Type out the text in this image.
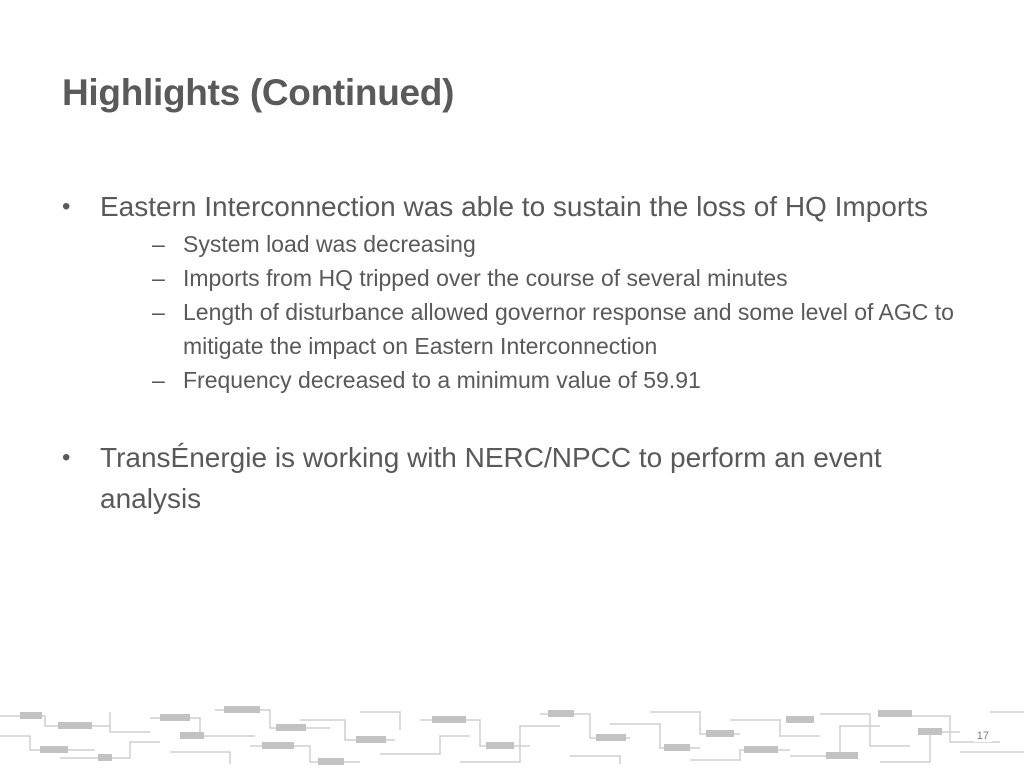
Highlights (Continued)
• Eastern Interconnection was able to sustain the loss of HQ Imports
– System load was decreasing
– Imports from HQ tripped over the course of several minutes
– Length of disturbance allowed governor response and some level of AGC to mitigate the impact on Eastern Interconnection
– Frequency decreased to a minimum value of 59.91
• TransÉnergie is working with NERC/NPCC to perform an event analysis
17
